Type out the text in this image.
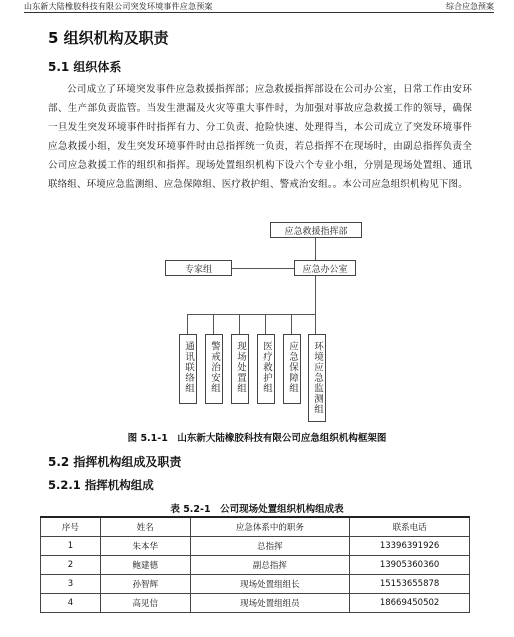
山东新大陆橡胶科技有限公司突发环境事件应急预案	综合应急预案
5 组织机构及职责
5.1 组织体系

公司成立了环境突发事件应急救援指挥部；应急救援指挥部设在公司办公室，日常工作由安环部、生产部负责监管。当发生泄漏及火灾等重大事件时，为加强对事故应急救援工作的领导，确保一旦发生突发环境事件时指挥有力、分工负责、抢险快速、处理得当，本公司成立了突发环境事件应急救援小组，发生突发环境事件时由总指挥统一负责，若总指挥不在现场时，由副总指挥负责全公司应急救援工作的组织和指挥。现场处置组织机构下设六个专业小组，分别是现场处置组、通讯联络组、环境应急监测组、应急保障组、医疗救护组、警戒治安组。。本公司应急组织机构见下图。

应急救援指挥部
专家组	应急办公室
通讯联络组	警戒治安组	现场处置组	医疗救护组	应急保障组	环境应急监测组
图 5.1-1　山东新大陆橡胶科技有限公司应急组织机构框架图
5.2 指挥机构组成及职责
5.2.1 指挥机构组成
表 5.2-1　公司现场处置组织机构组成表
序号	姓名	应急体系中的职务	联系电话
1	朱本华	总指挥	13396391926
2	鲍建德	副总指挥	13905360360
3	孙智辉	现场处置组组长	15153655878
4	高见信	现场处置组组员	18669450502
